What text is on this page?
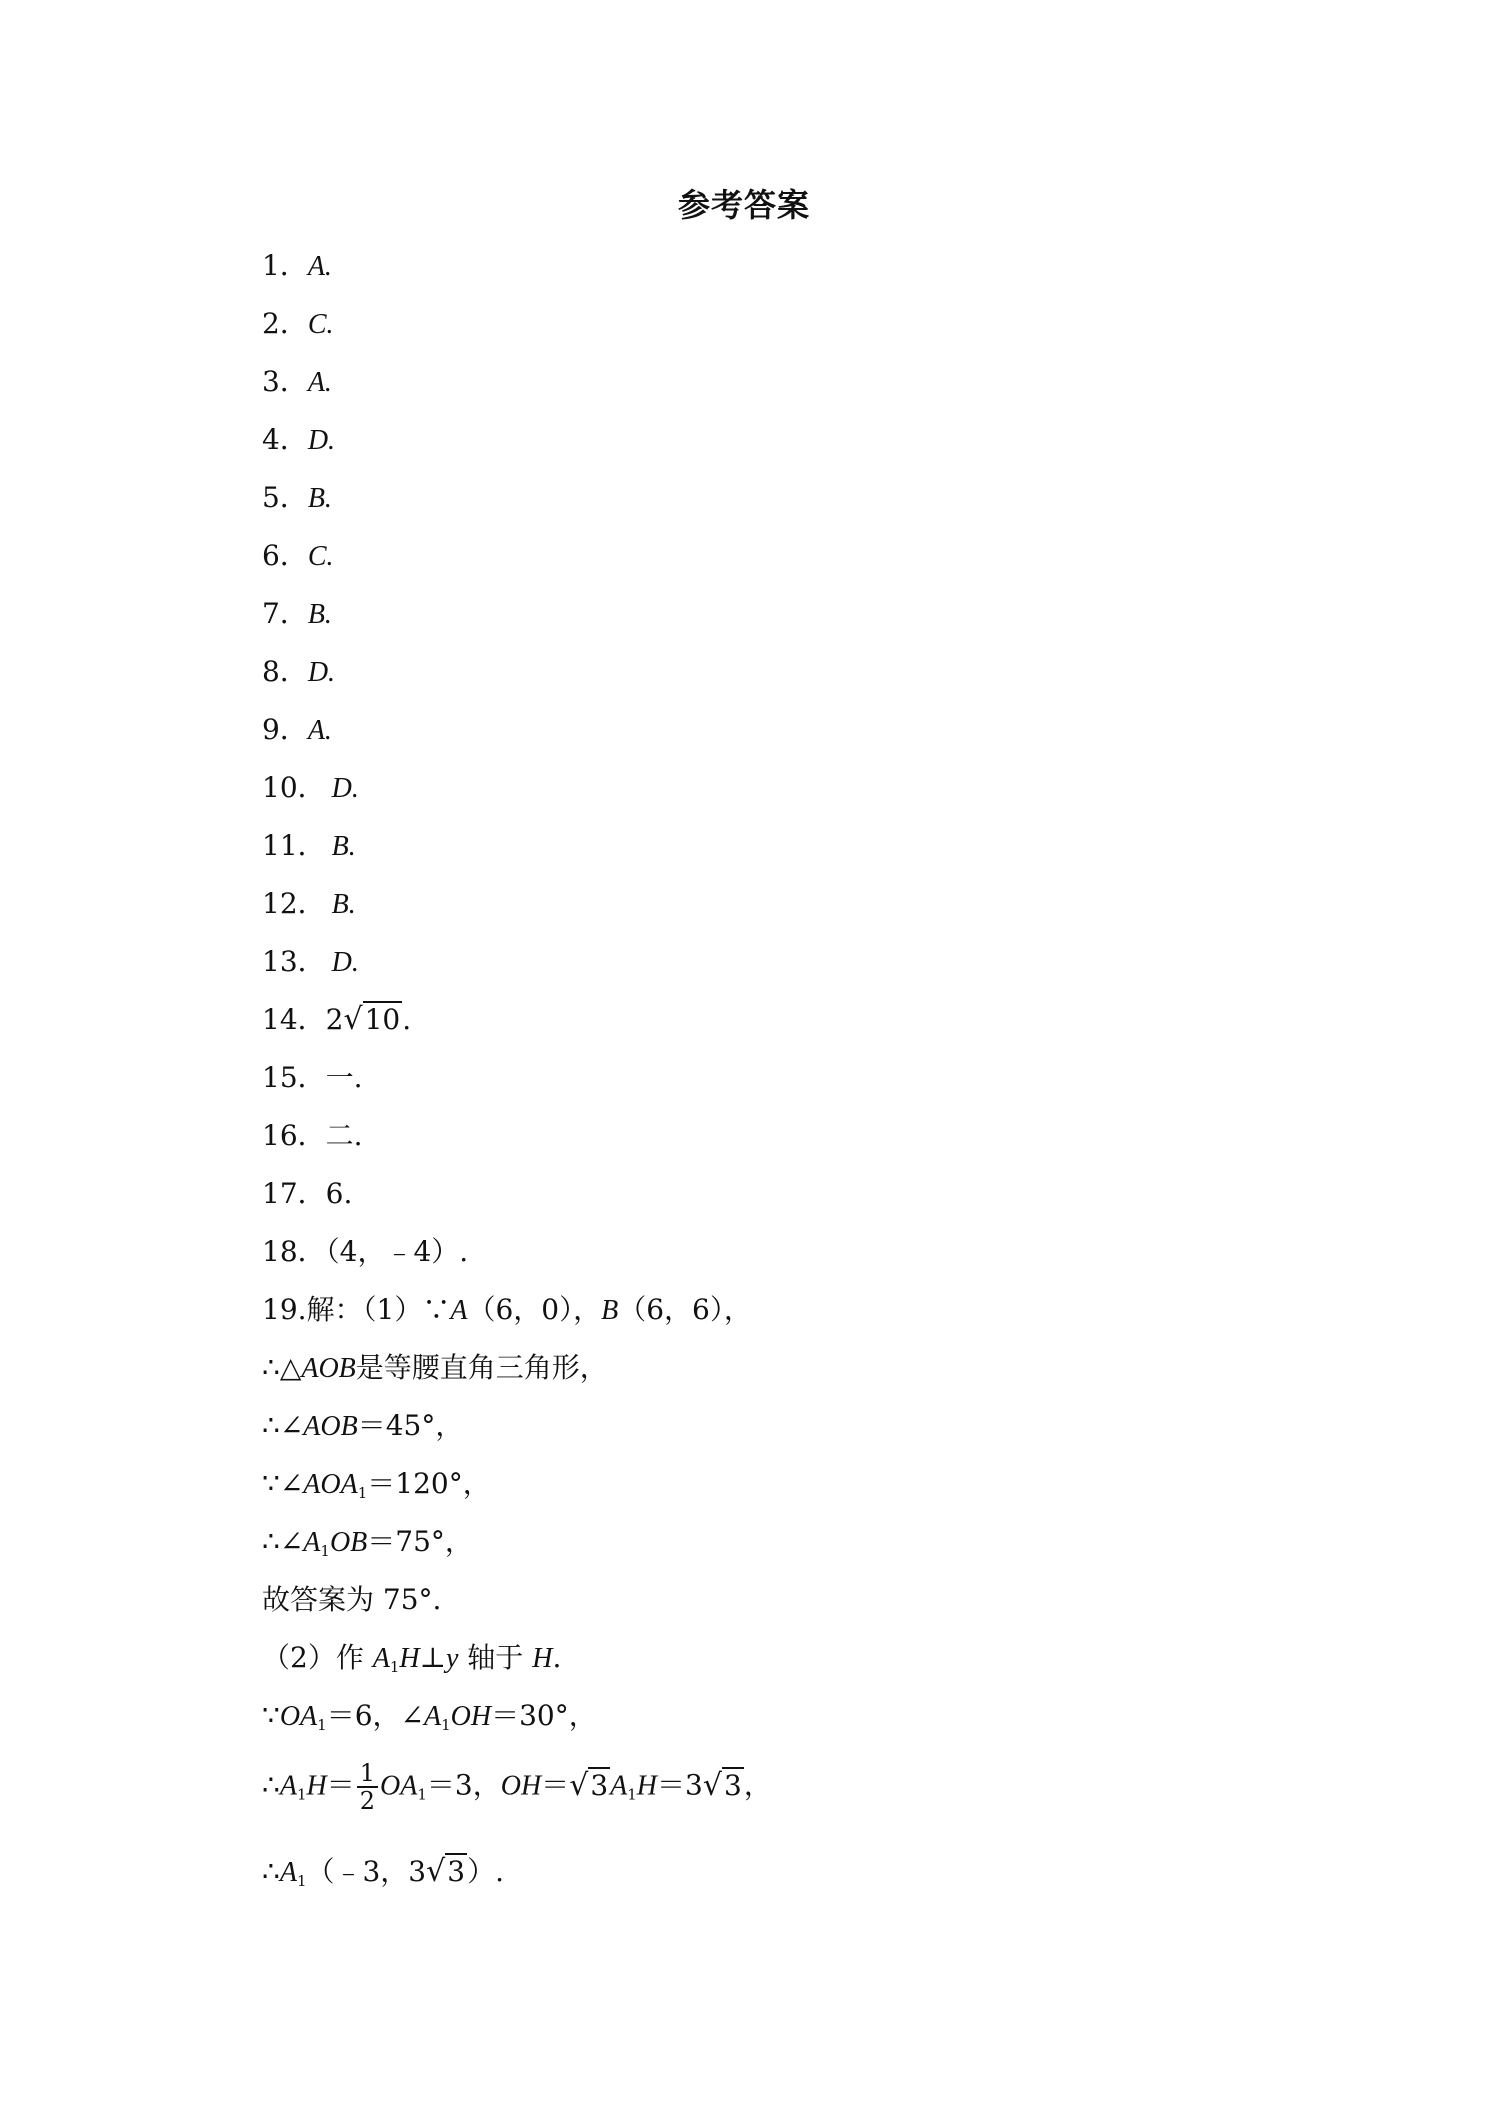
参考答案
1．A.
2．C.
3．A.
4．D.
5．B.
6．C.
7．B.
8．D.
9．A.
10． D.
11． B.
12． B.
13． D.
14．2√10.
15．一.
16．二.
17．6.
18．（4，﹣4）.
19.解：（1）∵A（6，0），B（6，6），
∴△AOB是等腰直角三角形，
∴∠AOB＝45°，
$\because\angle AOA_1=120^\circ$，
$\therefore\angle A_1OB=75^\circ$，
故答案为 75°.
（2）作 $A_1H\perp y$ 轴于 H.
$\because OA_1=6$，$\angle A_1OH=30^\circ$，
$\therefore A_1H= \frac{1}{2} OA_1=3$，$OH=√3A_1H=3√3$，
$\therefore A_1(﹣3$，3√3）.
